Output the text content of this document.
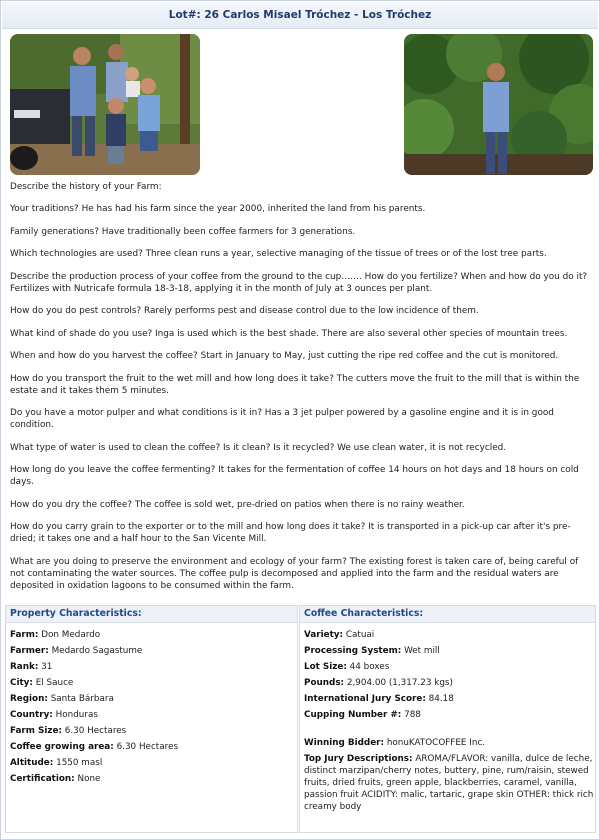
Lot#: 26 Carlos Misael Tróchez - Los Tróchez

Describe the history of your Farm:

Your traditions? He has had his farm since the year 2000, inherited the land from his parents.

Family generations? Have traditionally been coffee farmers for 3 generations.

Which technologies are used? Three clean runs a year, selective managing of the tissue of trees or of the lost tree parts.

Describe the production process of your coffee from the ground to the cup……. How do you fertilize? When and how do you do it? Fertilizes with Nutricafe formula 18-3-18, applying it in the month of July at 3 ounces per plant.

How do you do pest controls? Rarely performs pest and disease control due to the low incidence of them.

What kind of shade do you use? Inga is used which is the best shade. There are also several other species of mountain trees.

When and how do you harvest the coffee? Start in January to May, just cutting the ripe red coffee and the cut is monitored.

How do you transport the fruit to the wet mill and how long does it take? The cutters move the fruit to the mill that is within the estate and it takes them 5 minutes.

Do you have a motor pulper and what conditions is it in? Has a 3 jet pulper powered by a gasoline engine and it is in good condition.

What type of water is used to clean the coffee? Is it clean? Is it recycled? We use clean water, it is not recycled.

How long do you leave the coffee fermenting? It takes for the fermentation of coffee 14 hours on hot days and 18 hours on cold days.

How do you dry the coffee? The coffee is sold wet, pre-dried on patios when there is no rainy weather.

How do you carry grain to the exporter or to the mill and how long does it take? It is transported in a pick-up car after it's pre-dried; it takes one and a half hour to the San Vicente Mill.

What are you doing to preserve the environment and ecology of your farm? The existing forest is taken care of, being careful of not contaminating the water sources. The coffee pulp is decomposed and applied into the farm and the residual waters are deposited in oxidation lagoons to be consumed within the farm.

Property Characteristics:
Farm: Don Medardo
Farmer: Medardo Sagastume
Rank: 31
City: El Sauce
Region: Santa Bárbara
Country: Honduras
Farm Size: 6.30 Hectares
Coffee growing area: 6.30 Hectares
Altitude: 1550 masl
Certification: None
Coffee Characteristics:
Variety: Catuai
Processing System: Wet mill
Lot Size: 44 boxes
Pounds: 2,904.00 (1,317.23 kgs)
International Jury Score: 84.18
Cupping Number #: 788
Winning Bidder: honuKATOCOFFEE Inc.
Top Jury Descriptions: AROMA/FLAVOR: vanilla, dulce de leche, distinct marzipan/cherry notes, buttery, pine, rum/raisin, stewed fruits, dried fruits, green apple, blackberries, caramel, vanilla, passion fruit ACIDITY: malic, tartaric, grape skin OTHER: thick rich creamy body
